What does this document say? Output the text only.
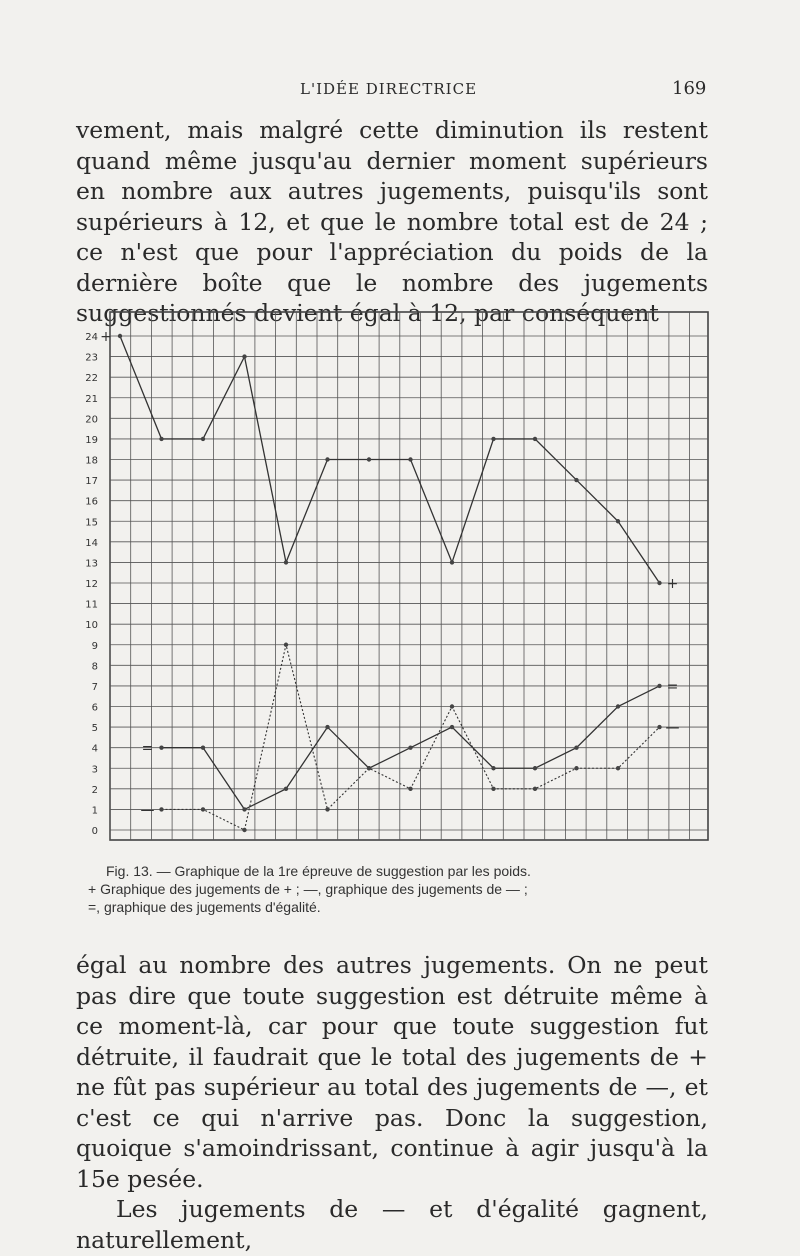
L'IDÉE DIRECTRICE	169

vement, mais malgré cette diminution ils restent quand même jusqu'au dernier moment supérieurs en nombre aux autres jugements, puisqu'ils sont supérieurs à 12, et que le nombre total est de 24 ; ce n'est que pour l'appréciation du poids de la dernière boîte que le nombre des jugements suggestionnés devient égal à 12, par conséquent

0
1
2
3
4
5
6
7
8
9
10
11
12
13
14
15
16
17
18
19
20
21
22
23
24 +
+
=
=
—
—
Fig. 13. — Graphique de la 1re épreuve de suggestion par les poids.
+ Graphique des jugements de + ; —, graphique des jugements de — ;
=, graphique des jugements d'égalité.

égal au nombre des autres jugements. On ne peut pas dire que toute suggestion est détruite même à ce moment-là, car pour que toute suggestion fut détruite, il faudrait que le total des jugements de + ne fût pas supérieur au total des jugements de —, et c'est ce qui n'arrive pas. Donc la suggestion, quoique s'amoindrissant, continue à agir jusqu'à la 15e pesée.

Les jugements de — et d'égalité gagnent, naturellement,
